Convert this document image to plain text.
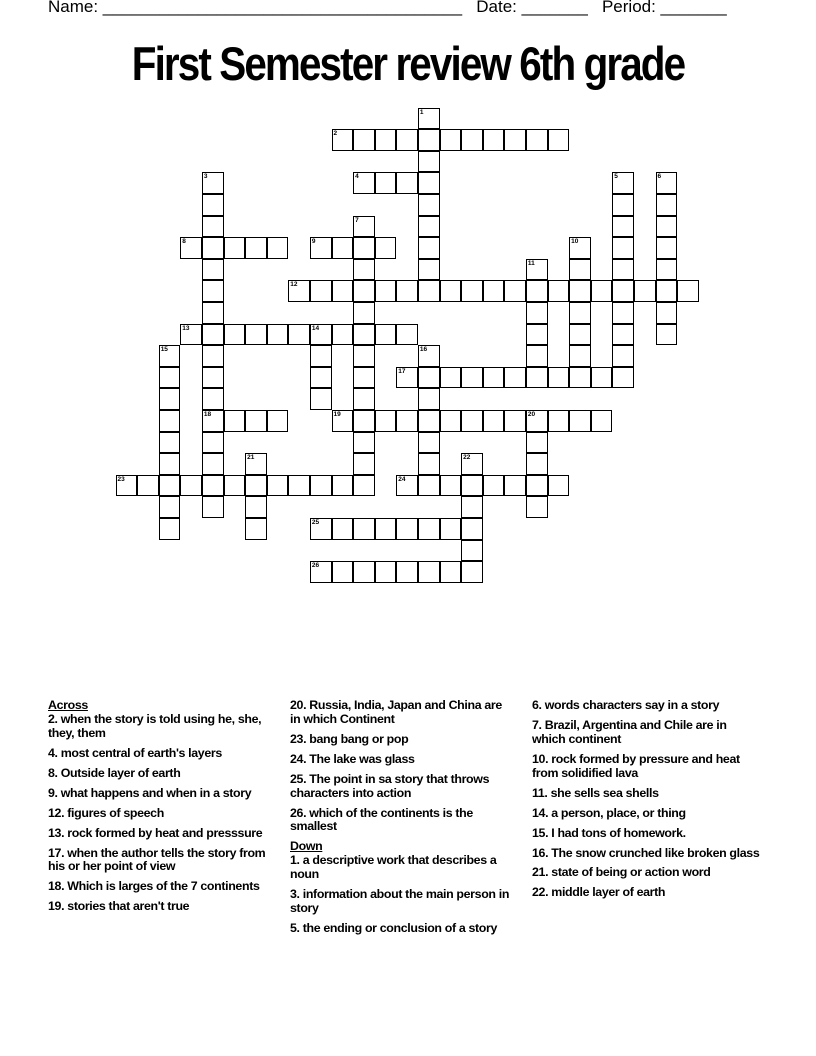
Name: ______________________________________ Date: _______ Period: _______
First Semester review 6th grade
1
2
3
18
4	5	6
7
8	9	10
11
12
13	14
15	16
17
19	20
21	22
23	24
25
26
Across
2. when the story is told using he, she, they, them
4. most central of earth's layers
8. Outside layer of earth
9. what happens and when in a story
12. figures of speech
13. rock formed by heat and presssure
17. when the author tells the story from his or her point of view
18. Which is larges of the 7 continents
19. stories that aren't true
20. Russia, India, Japan and China are in which Continent
23. bang bang or pop
24. The lake was glass
25. The point in sa story that throws characters into action
26. which of the continents is the smallest
Down
1. a descriptive work that describes a noun
3. information about the main person in story
5. the ending or conclusion of a story
6. words characters say in a story
7. Brazil, Argentina and Chile are in which continent
10. rock formed by pressure and heat from solidified lava
11. she sells sea shells
14. a person, place, or thing
15. I had tons of homework.
16. The snow crunched like broken glass
21. state of being or action word
22. middle layer of earth
